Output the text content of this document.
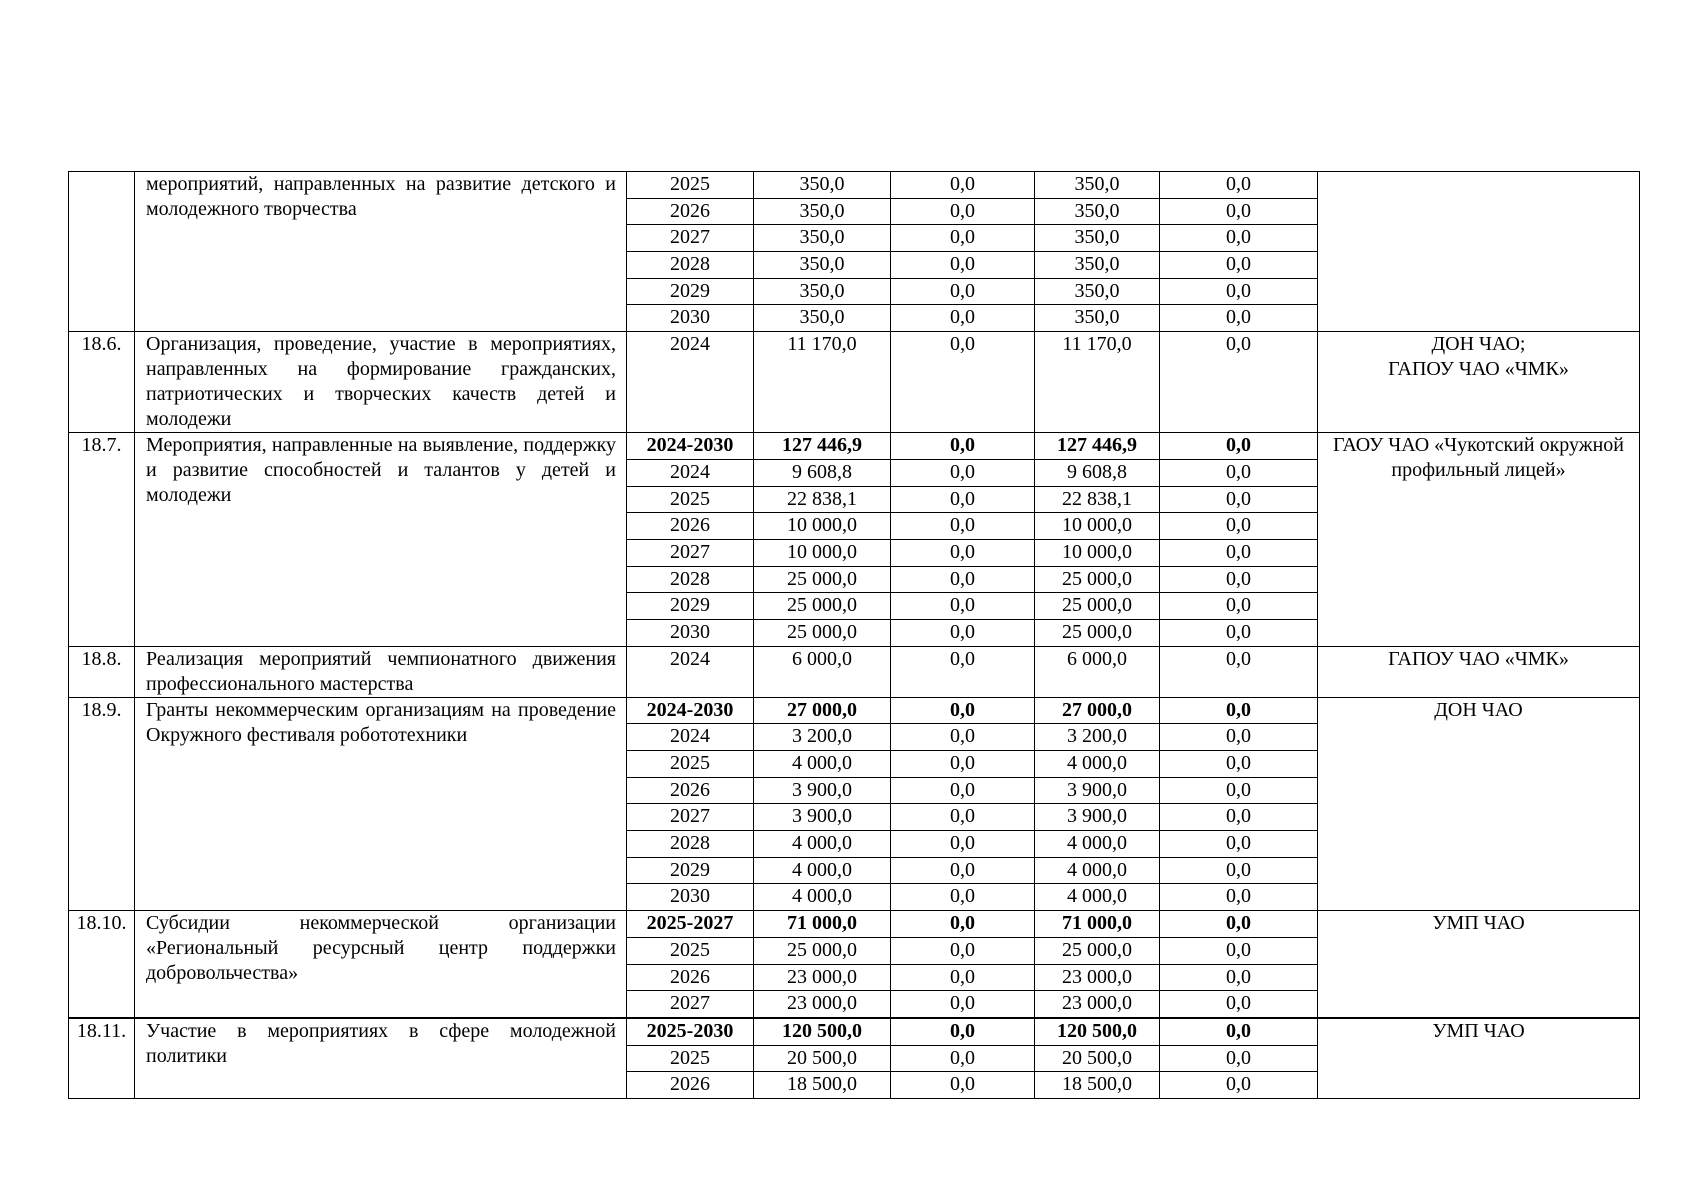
	мероприятий, направленных на развитие детского и молодежного творчества	2025	350,0	0,0	350,0	0,0	
		2026	350,0	0,0	350,0	0,0	
		2027	350,0	0,0	350,0	0,0	
		2028	350,0	0,0	350,0	0,0	
		2029	350,0	0,0	350,0	0,0	
		2030	350,0	0,0	350,0	0,0	
18.6.	Организация, проведение, участие в мероприятиях, направленных на формирование гражданских, патриотических и творческих качеств детей и молодежи	2024	11 170,0	0,0	11 170,0	0,0	ДОН ЧАО;
ГАПОУ ЧАО «ЧМК»
18.7.	Мероприятия, направленные на выявление, поддержку и развитие способностей и талантов у детей и молодежи	2024-2030	127 446,9	0,0	127 446,9	0,0	ГАОУ ЧАО «Чукотский окружной профильный лицей»
		2024	9 608,8	0,0	9 608,8	0,0	
		2025	22 838,1	0,0	22 838,1	0,0	
		2026	10 000,0	0,0	10 000,0	0,0	
		2027	10 000,0	0,0	10 000,0	0,0	
		2028	25 000,0	0,0	25 000,0	0,0	
		2029	25 000,0	0,0	25 000,0	0,0	
		2030	25 000,0	0,0	25 000,0	0,0	
18.8.	Реализация мероприятий чемпионатного движения профессионального мастерства	2024	6 000,0	0,0	6 000,0	0,0	ГАПОУ ЧАО «ЧМК»
18.9.	Гранты некоммерческим организациям на проведение Окружного фестиваля робототехники	2024-2030	27 000,0	0,0	27 000,0	0,0	ДОН ЧАО
		2024	3 200,0	0,0	3 200,0	0,0	
		2025	4 000,0	0,0	4 000,0	0,0	
		2026	3 900,0	0,0	3 900,0	0,0	
		2027	3 900,0	0,0	3 900,0	0,0	
		2028	4 000,0	0,0	4 000,0	0,0	
		2029	4 000,0	0,0	4 000,0	0,0	
		2030	4 000,0	0,0	4 000,0	0,0	
18.10.	Субсидии некоммерческой организации «Региональный ресурсный центр поддержки добровольчества»	2025-2027	71 000,0	0,0	71 000,0	0,0	УМП ЧАО
		2025	25 000,0	0,0	25 000,0	0,0	
		2026	23 000,0	0,0	23 000,0	0,0	
		2027	23 000,0	0,0	23 000,0	0,0	
18.11.	Участие в мероприятиях в сфере молодежной политики	2025-2030	120 500,0	0,0	120 500,0	0,0	УМП ЧАО
		2025	20 500,0	0,0	20 500,0	0,0	
		2026	18 500,0	0,0	18 500,0	0,0	
